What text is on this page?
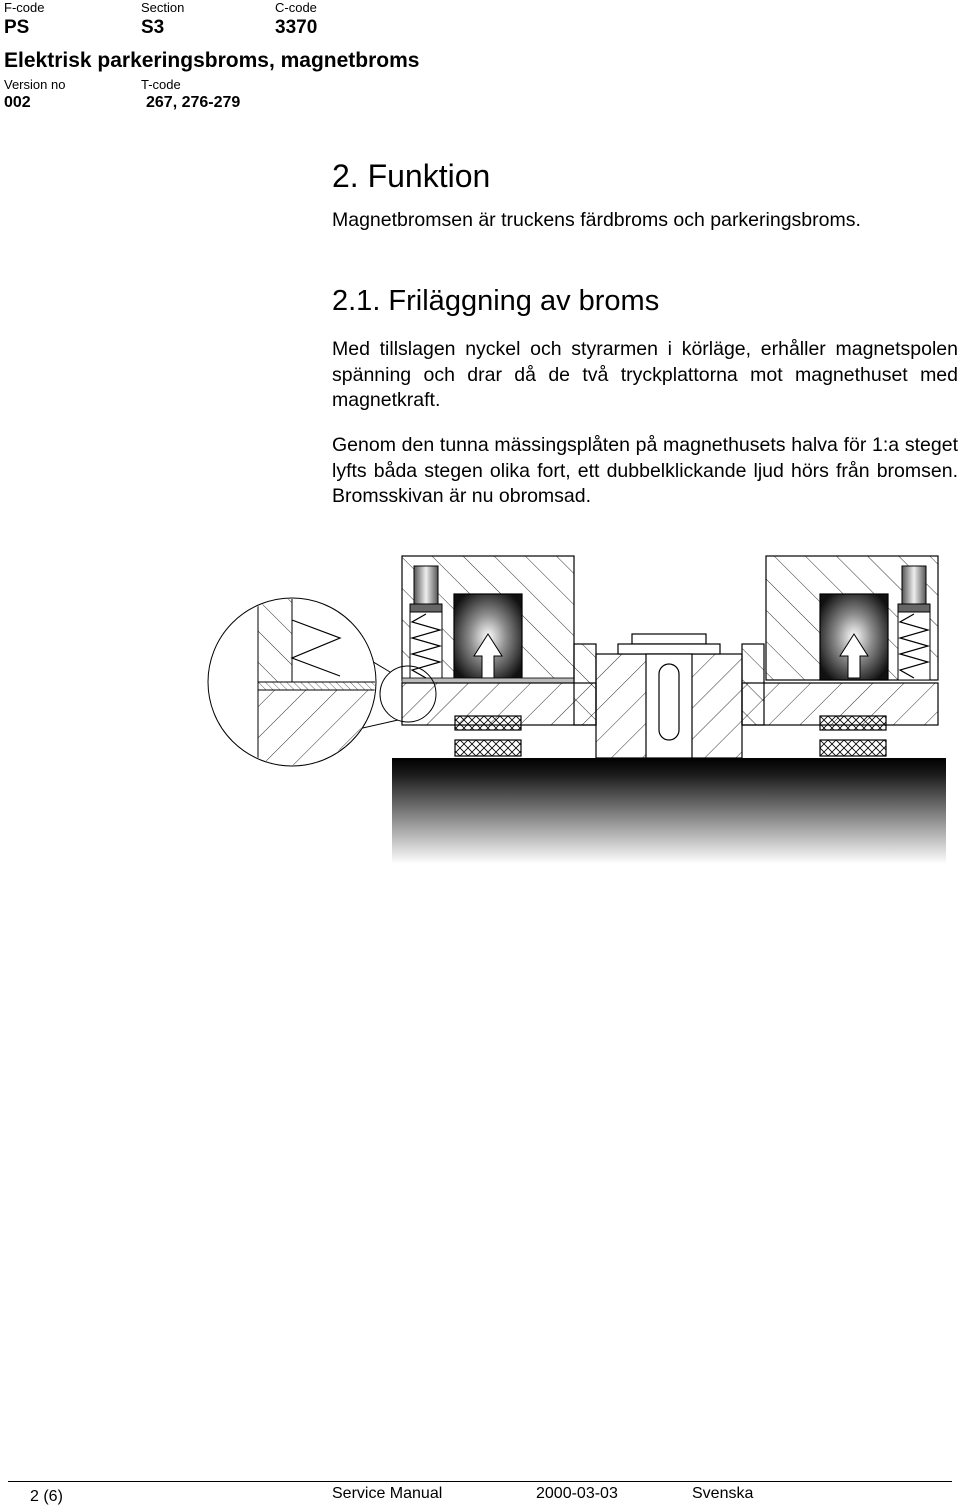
F-code
PS
Section
S3
C-code
3370
Elektrisk parkeringsbroms, magnetbroms
Version no
002
T-code
267, 276-279
2. Funktion
Magnetbromsen är truckens färdbroms och parkeringsbroms.
2.1. Friläggning av broms
Med tillslagen nyckel och styrarmen i körläge, erhåller magnetspolen spänning och drar då de två tryckplattorna mot magnethuset med magnetkraft.
Genom den tunna mässingsplåten på magnethusets halva för 1:a steget lyfts båda stegen olika fort, ett dubbelklickande ljud hörs från bromsen. Bromsskivan är nu obromsad.
2 (6)	Service Manual	2000-03-03	Svenska
